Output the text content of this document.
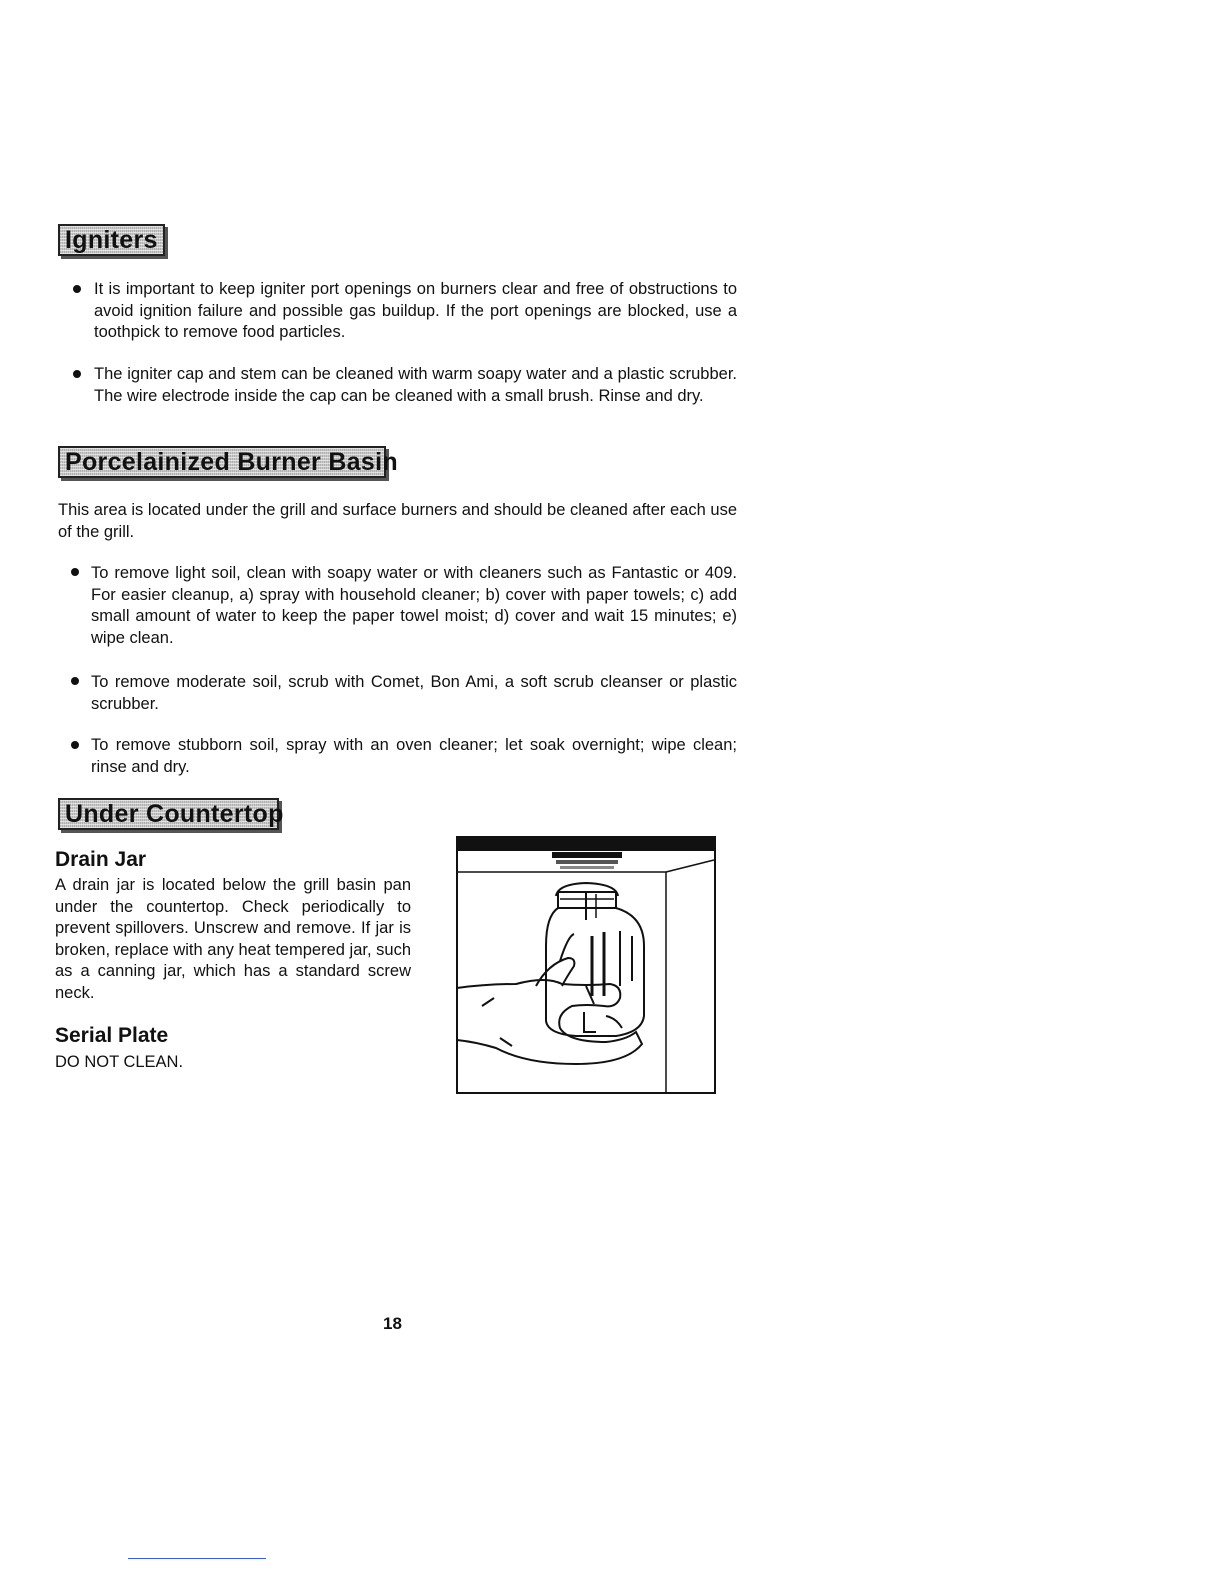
Igniters

It is important to keep igniter port openings on burners clear and free of obstructions to avoid ignition failure and possible gas buildup. If the port openings are blocked, use a toothpick to remove food particles.

The igniter cap and stem can be cleaned with warm soapy water and a plastic scrubber. The wire electrode inside the cap can be cleaned with a small brush. Rinse and dry.

Porcelainized Burner Basin

This area is located under the grill and surface burners and should be cleaned after each use of the grill.

To remove light soil, clean with soapy water or with cleaners such as Fantastic or 409. For easier cleanup, a) spray with household cleaner; b) cover with paper towels; c) add small amount of water to keep the paper towel moist; d) cover and wait 15 minutes; e) wipe clean.

To remove moderate soil, scrub with Comet, Bon Ami, a soft scrub cleanser or plastic scrubber.

To remove stubborn soil, spray with an oven cleaner; let soak overnight; wipe clean; rinse and dry.

Under Countertop
Drain Jar

A drain jar is located below the grill basin pan under the countertop. Check periodically to prevent spillovers. Unscrew and remove. If jar is broken, replace with any heat tempered jar, such as a canning jar, which has a standard screw neck.

Serial Plate

DO NOT CLEAN.

18
